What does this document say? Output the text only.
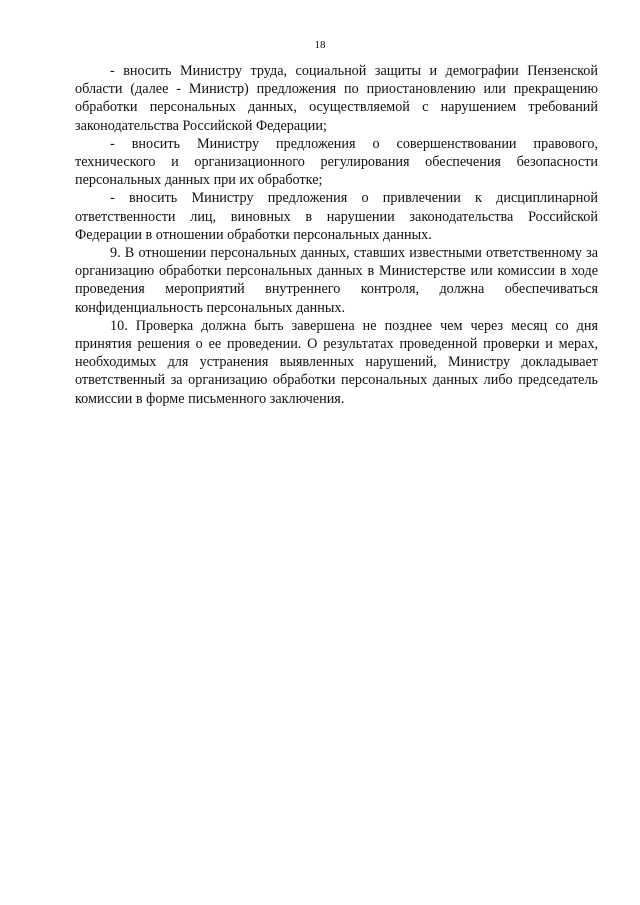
18

- вносить Министру труда, социальной защиты и демографии Пензенской области (далее - Министр) предложения по приостановлению или прекращению обработки персональных данных, осуществляемой с нарушением требований законодательства Российской Федерации;

- вносить Министру предложения о совершенствовании правового, технического и организационного регулирования обеспечения безопасности персональных данных при их обработке;

- вносить Министру предложения о привлечении к дисциплинарной ответственности лиц, виновных в нарушении законодательства Российской Федерации в отношении обработки персональных данных.

9. В отношении персональных данных, ставших известными ответственному за организацию обработки персональных данных в Министерстве или комиссии в ходе проведения мероприятий внутреннего контроля, должна обеспечиваться конфиденциальность персональных данных.

10. Проверка должна быть завершена не позднее чем через месяц со дня принятия решения о ее проведении. О результатах проведенной проверки и мерах, необходимых для устранения выявленных нарушений, Министру докладывает ответственный за организацию обработки персональных данных либо председатель комиссии в форме письменного заключения.
